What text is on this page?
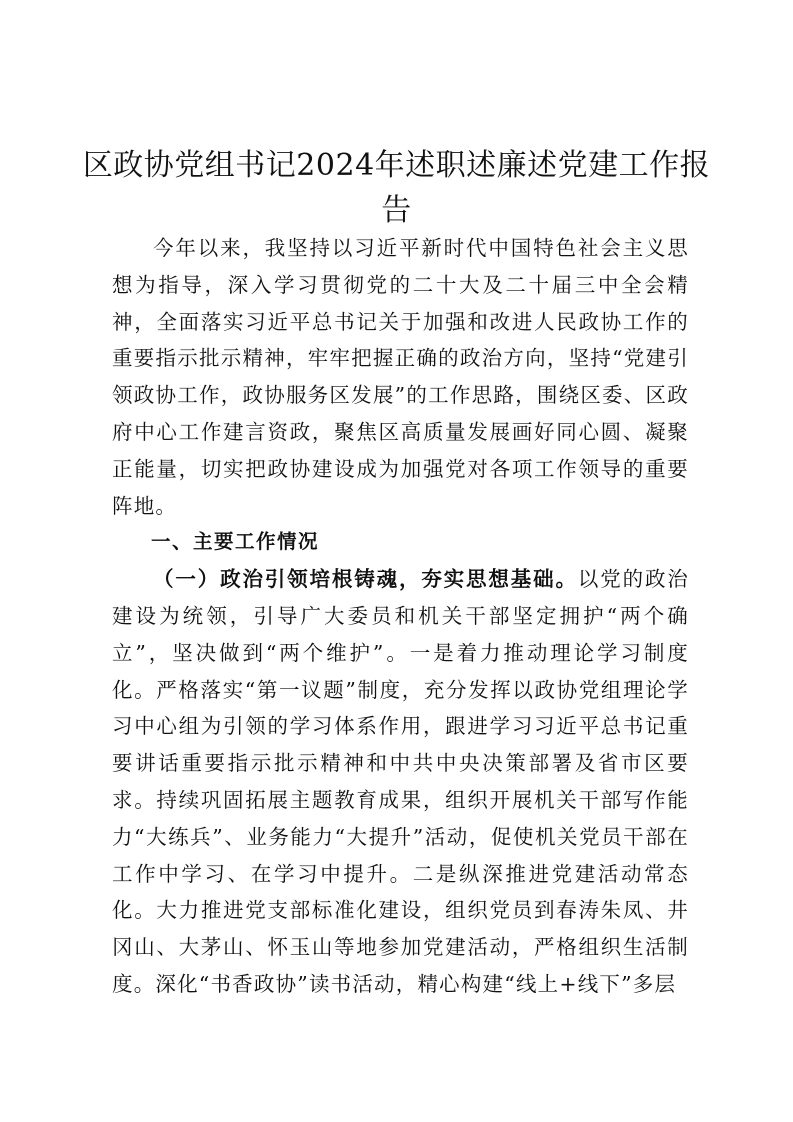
区政协党组书记2024年述职述廉述党建工作报告

今年以来，我坚持以习近平新时代中国特色社会主义思想为指导，深入学习贯彻党的二十大及二十届三中全会精神，全面落实习近平总书记关于加强和改进人民政协工作的重要指示批示精神，牢牢把握正确的政治方向，坚持“党建引领政协工作，政协服务区发展”的工作思路，围绕区委、区政府中心工作建言资政，聚焦区高质量发展画好同心圆、凝聚正能量，切实把政协建设成为加强党对各项工作领导的重要阵地。

一、主要工作情况

（一）政治引领培根铸魂，夯实思想基础。以党的政治建设为统领，引导广大委员和机关干部坚定拥护“两个确立”，坚决做到“两个维护”。一是着力推动理论学习制度化。严格落实“第一议题”制度，充分发挥以政协党组理论学习中心组为引领的学习体系作用，跟进学习习近平总书记重要讲话重要指示批示精神和中共中央决策部署及省市区要求。持续巩固拓展主题教育成果，组织开展机关干部写作能力“大练兵”、业务能力“大提升”活动，促使机关党员干部在工作中学习、在学习中提升。二是纵深推进党建活动常态化。大力推进党支部标准化建设，组织党员到春涛朱凤、井冈山、大茅山、怀玉山等地参加党建活动，严格组织生活制度。深化“书香政协”读书活动，精心构建“线上+线下”多层
